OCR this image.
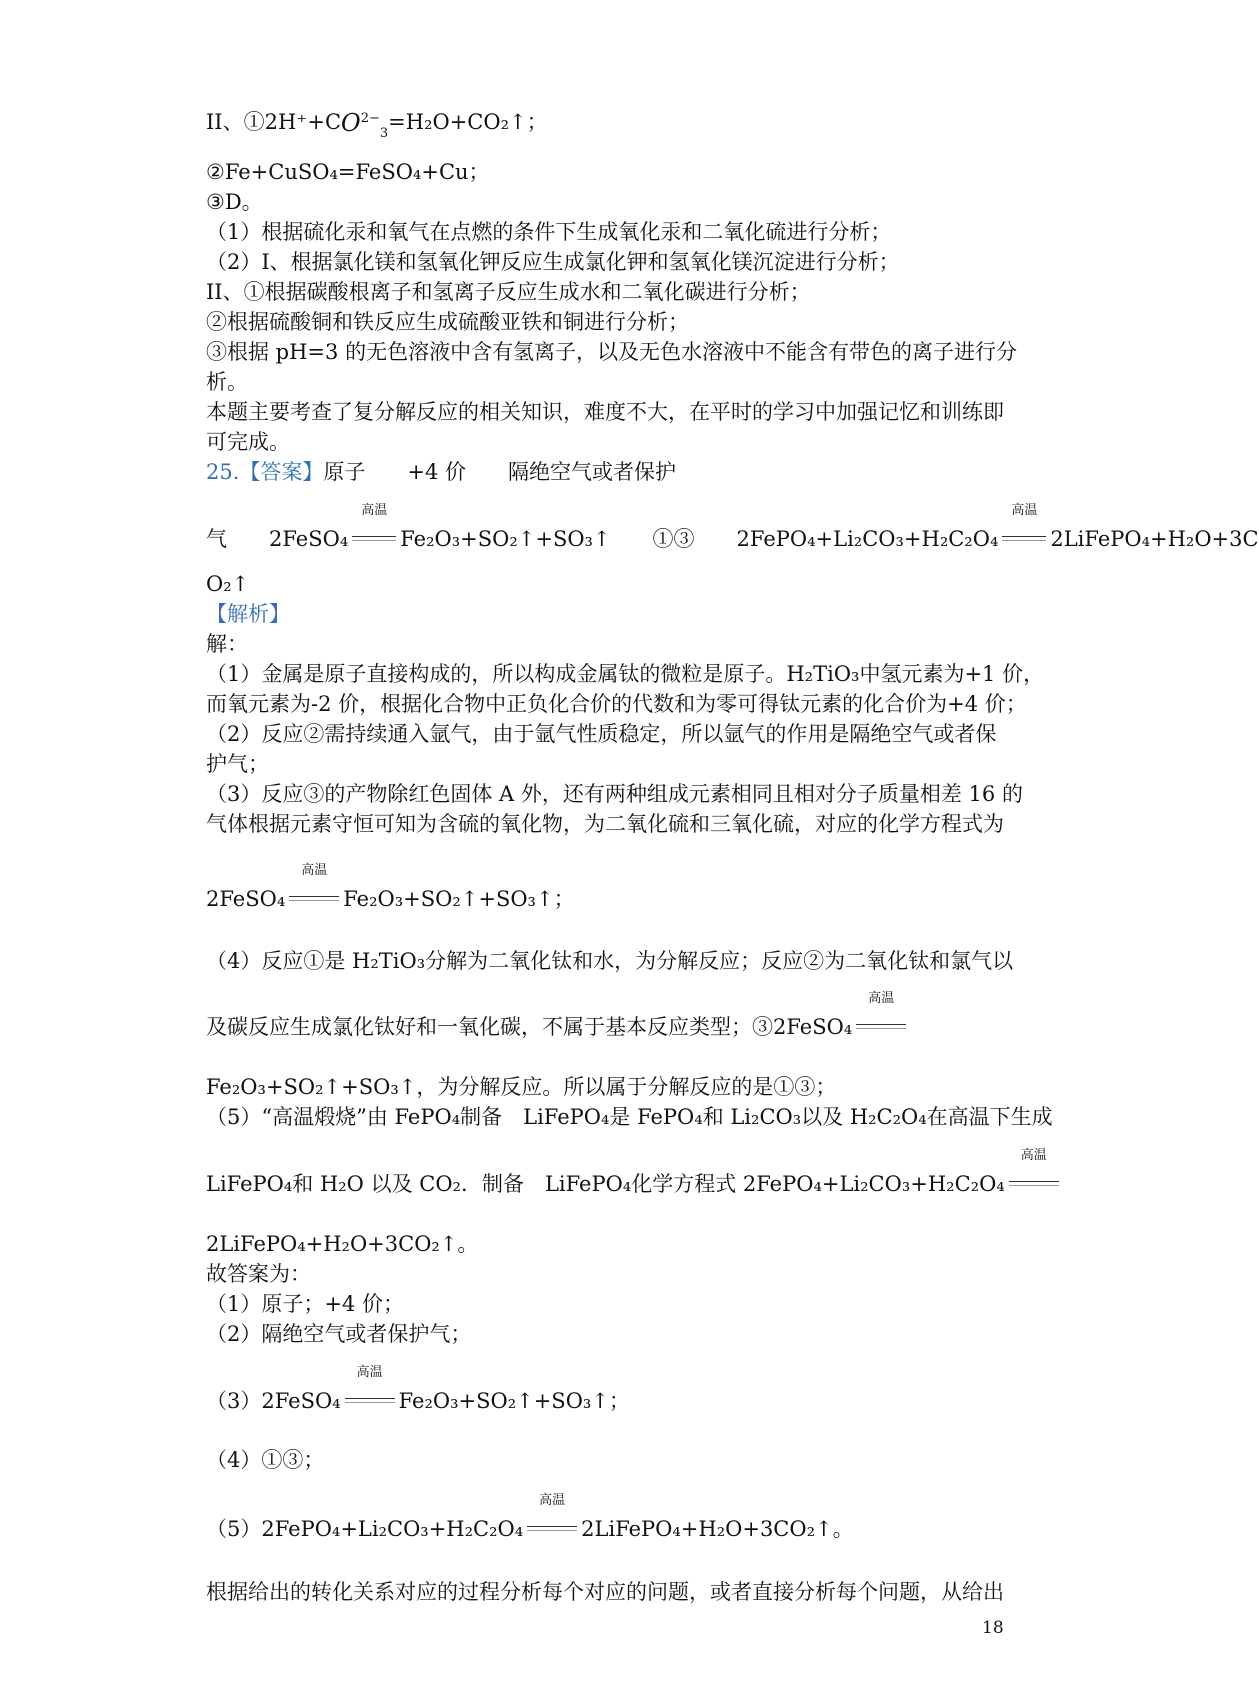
II、$①2H^++CO^{2-}_3=H_2O+CO_2↑$；
②Fe+CuSO₄=FeSO₄+Cu；
③D。
（1）根据硫化汞和氧气在点燃的条件下生成氧化汞和二氧化硫进行分析；
（2）I、根据氯化镁和氢氧化钾反应生成氯化钾和氢氧化镁沉淀进行分析；
II、①根据碳酸根离子和氢离子反应生成水和二氧化碳进行分析；
②根据硫酸铜和铁反应生成硫酸亚铁和铜进行分析；
③根据 pH=3 的无色溶液中含有氢离子，以及无色水溶液中不能含有带色的离子进行分
析。
本题主要考查了复分解反应的相关知识，难度不大，在平时的学习中加强记忆和训练即
可完成。
25.【答案】原子　　+4 价　　隔绝空气或者保护
气　　2FeSO₄
高温
Fe₂O₃+SO₂↑+SO₃↑　　①③　　2FePO₄+Li₂CO₃+H₂C₂O₄
高温
2LiFePO₄+H₂O+3C
O₂↑
【解析】
解：
（1）金属是原子直接构成的，所以构成金属钛的微粒是原子。H₂TiO₃中氢元素为+1 价，
而氧元素为-2 价，根据化合物中正负化合价的代数和为零可得钛元素的化合价为+4 价；
（2）反应②需持续通入氩气，由于氩气性质稳定，所以氩气的作用是隔绝空气或者保
护气；
（3）反应③的产物除红色固体 A 外，还有两种组成元素相同且相对分子质量相差 16 的
气体根据元素守恒可知为含硫的氧化物，为二氧化硫和三氧化硫，对应的化学方程式为
2FeSO₄
高温
Fe₂O₃+SO₂↑+SO₃↑；
（4）反应①是 H₂TiO₃分解为二氧化钛和水，为分解反应；反应②为二氧化钛和氯气以
及碳反应生成氯化钛好和一氧化碳，不属于基本反应类型；③2FeSO₄
高温
Fe₂O₃+SO₂↑+SO₃↑，为分解反应。所以属于分解反应的是①③；
（5）“高温煅烧”由 FePO₄制备　LiFePO₄是 FePO₄和 Li₂CO₃以及 H₂C₂O₄在高温下生成
LiFePO₄和 H₂O 以及 CO₂．制备　LiFePO₄化学方程式 2FePO₄+Li₂CO₃+H₂C₂O₄
高温
2LiFePO₄+H₂O+3CO₂↑。
故答案为：
（1）原子；+4 价；
（2）隔绝空气或者保护气；
（3）2FeSO₄
高温
Fe₂O₃+SO₂↑+SO₃↑；
（4）①③；
（5）2FePO₄+Li₂CO₃+H₂C₂O₄
高温
2LiFePO₄+H₂O+3CO₂↑。
根据给出的转化关系对应的过程分析每个对应的问题，或者直接分析每个问题，从给出
18
